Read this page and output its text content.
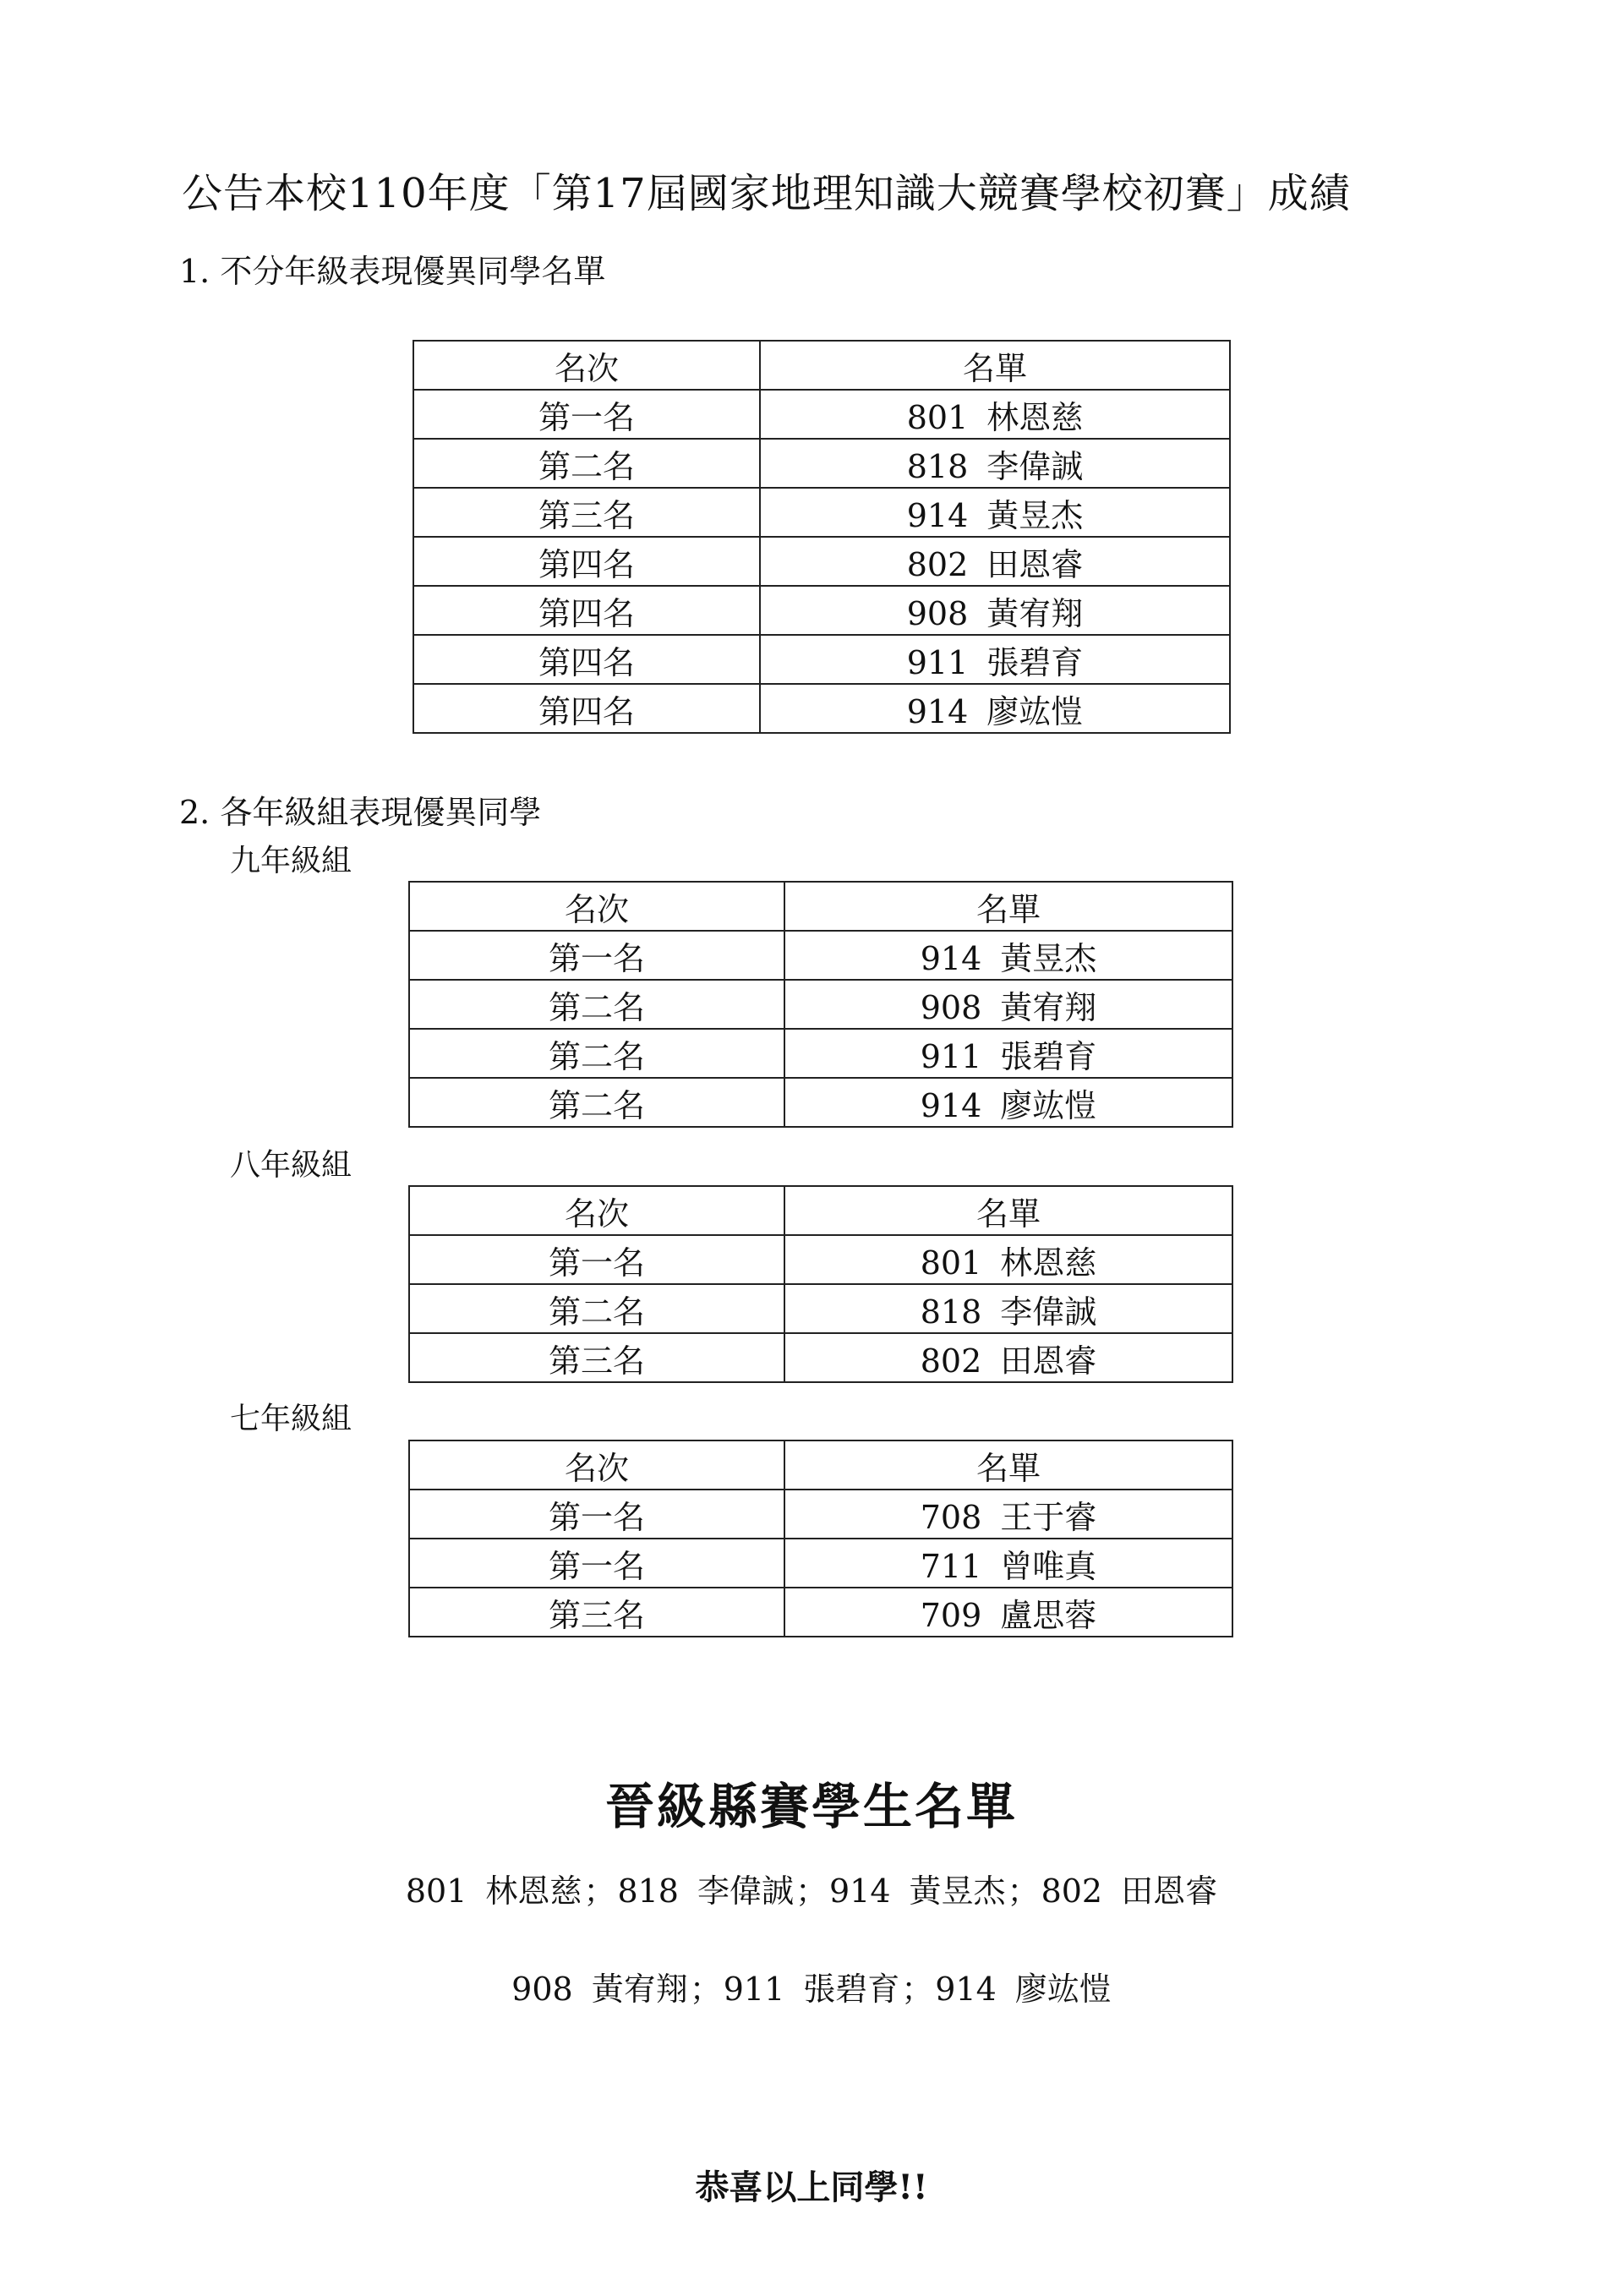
公告本校110年度「第17屆國家地理知識大競賽學校初賽」成績
1. 不分年級表現優異同學名單
名次	名單
第一名	801 林恩慈
第二名	818 李偉誠
第三名	914 黃昱杰
第四名	802 田恩睿
第四名	908 黃宥翔
第四名	911 張碧育
第四名	914 廖竑愷
2. 各年級組表現優異同學
九年級組
名次	名單
第一名	914 黃昱杰
第二名	908 黃宥翔
第二名	911 張碧育
第二名	914 廖竑愷
八年級組
名次	名單
第一名	801 林恩慈
第二名	818 李偉誠
第三名	802 田恩睿
七年級組
名次	名單
第一名	708 王于睿
第一名	711 曾唯真
第三名	709 盧思蓉
晉級縣賽學生名單
801 林恩慈；818 李偉誠；914 黃昱杰；802 田恩睿
908 黃宥翔；911 張碧育；914 廖竑愷
恭喜以上同學!!
